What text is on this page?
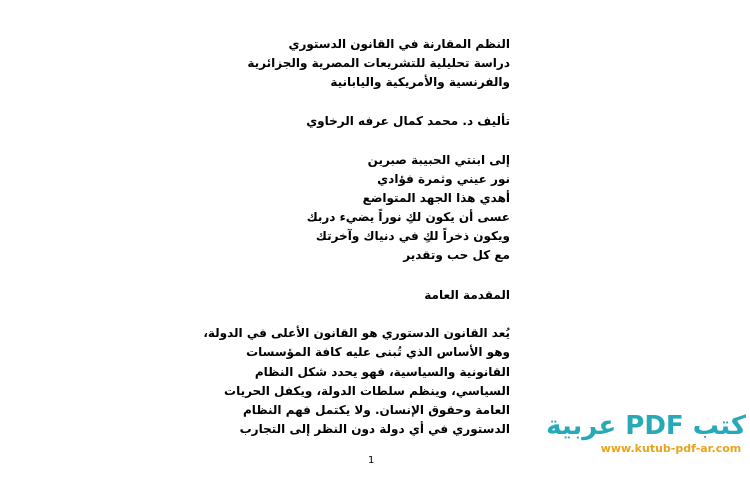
النظم المقارنة في القانون الدستوري
دراسة تحليلية للتشريعات المصرية والجزائرية
والفرنسية والأمريكية واليابانية
تأليف د. محمد كمال عرفه الرخاوي
إلى ابنتي الحبيبة صبرين
نور عيني وثمرة فؤادي
أهدي هذا الجهد المتواضع
عسى أن يكون لكِ نوراً يضيء دربك
ويكون ذخراً لكِ في دنياك وآخرتك
مع كل حب وتقدير
المقدمة العامة
يُعد القانون الدستوري هو القانون الأعلى في الدولة،
وهو الأساس الذي تُبنى عليه كافة المؤسسات
القانونية والسياسية، فهو يحدد شكل النظام
السياسي، وينظم سلطات الدولة، ويكفل الحريات
العامة وحقوق الإنسان. ولا يكتمل فهم النظام
الدستوري في أي دولة دون النظر إلى التجارب
1
كتب PDF عربية
www.kutub-pdf-ar.com
